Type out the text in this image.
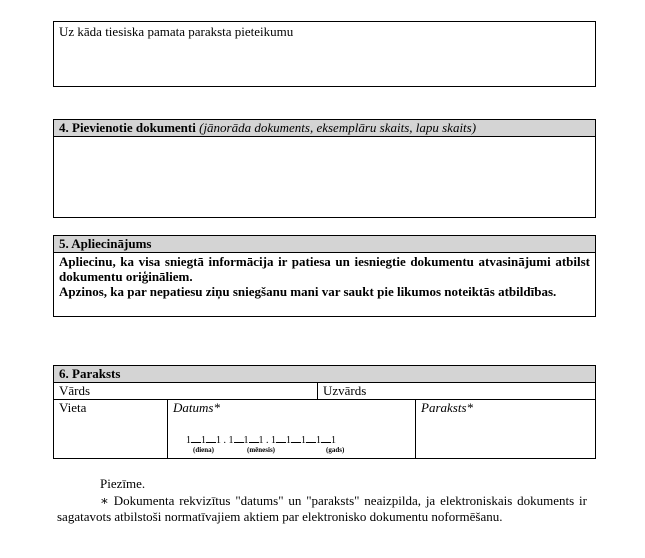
Uz kāda tiesiska pamata paraksta pieteikumu
4. Pievienotie dokumenti (jānorāda dokuments, eksemplāru skaits, lapu skaits)
5. Apliecinājums
Apliecinu, ka visa sniegtā informācija ir patiesa un iesniegtie dokumentu atvasinājumi atbilst dokumentu oriģināliem.
Apzinos, ka par nepatiesu ziņu sniegšanu mani var saukt pie likumos noteiktās atbildības.
6. Paraksts
Vārds	Uzvārds
Vieta	Datums*	Paraksts*
1 1 1 . 1 1 1 . 1 1 1 1 1
(diena)	(mēnesis)	(gads)
Piezīme.
∗ Dokumenta rekvizītus "datums" un "paraksts" neaizpilda, ja elektroniskais dokuments ir sagatavots atbilstoši normatīvajiem aktiem par elektronisko dokumentu noformēšanu.
